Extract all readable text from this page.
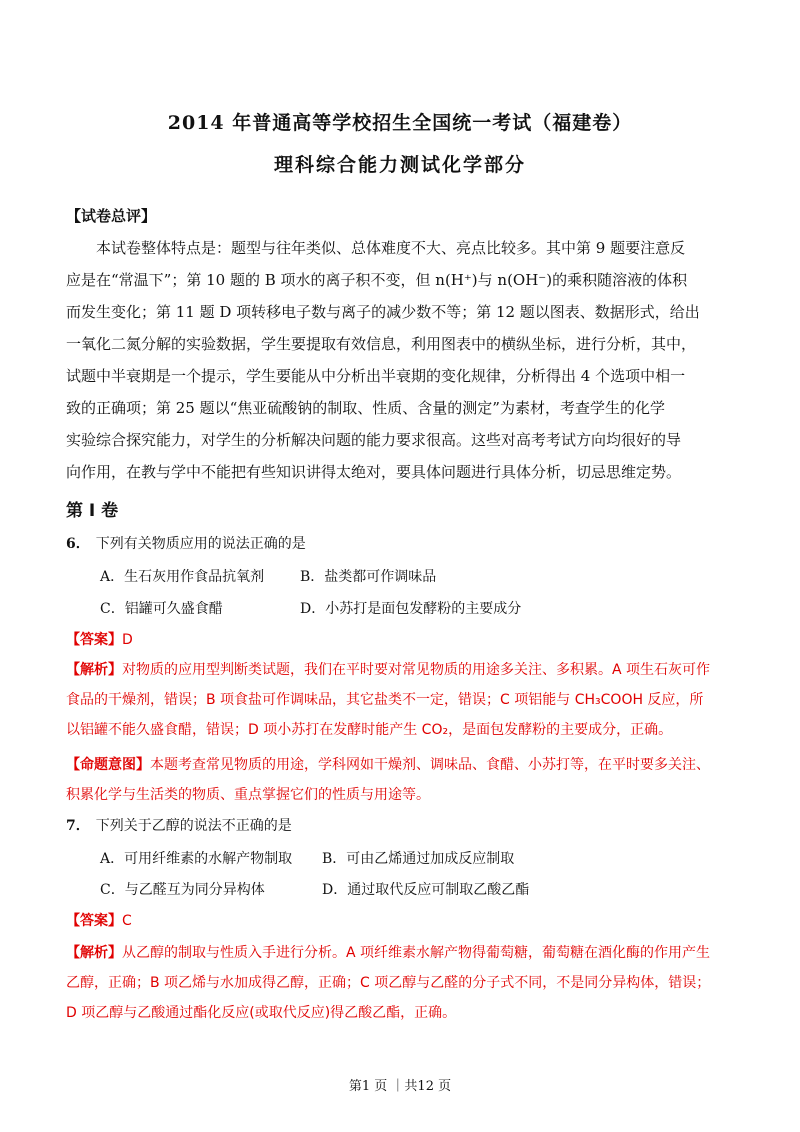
2014 年普通高等学校招生全国统一考试（福建卷）
理科综合能力测试化学部分
【试卷总评】

本试卷整体特点是：题型与往年类似、总体难度不大、亮点比较多。其中第 9 题要注意反

应是在“常温下”；第 10 题的 B 项水的离子积不变，但 n(H⁺)与 n(OH⁻)的乘积随溶液的体积

而发生变化；第 11 题 D 项转移电子数与离子的减少数不等；第 12 题以图表、数据形式，给出

一氧化二氮分解的实验数据，学生要提取有效信息，利用图表中的横纵坐标，进行分析，其中，

试题中半衰期是一个提示，学生要能从中分析出半衰期的变化规律，分析得出 4 个选项中相一

致的正确项；第 25 题以“焦亚硫酸钠的制取、性质、含量的测定”为素材，考查学生的化学

实验综合探究能力，对学生的分析解决问题的能力要求很高。这些对高考考试方向均很好的导

向作用，在教与学中不能把有些知识讲得太绝对，要具体问题进行具体分析，切忌思维定势。

第 I 卷
6． 下列有关物质应用的说法正确的是
A．生石灰用作食品抗氧剂	B．盐类都可作调味品
C．铝罐可久盛食醋	D．小苏打是面包发酵粉的主要成分
【答案】D
【解析】对物质的应用型判断类试题，我们在平时要对常见物质的用途多关注、多积累。A 项生石灰可作
食品的干燥剂，错误；B 项食盐可作调味品，其它盐类不一定，错误；C 项铝能与 CH₃COOH 反应，所
以铝罐不能久盛食醋，错误；D 项小苏打在发酵时能产生 CO₂，是面包发酵粉的主要成分，正确。
【命题意图】本题考查常见物质的用途，学科网如干燥剂、调味品、食醋、小苏打等，在平时要多关注、
积累化学与生活类的物质、重点掌握它们的性质与用途等。
7． 下列关于乙醇的说法不正确的是
A．可用纤维素的水解产物制取 B．可由乙烯通过加成反应制取
C．与乙醛互为同分异构体	D．通过取代反应可制取乙酸乙酯
【答案】C
【解析】从乙醇的制取与性质入手进行分析。A 项纤维素水解产物得葡萄糖，葡萄糖在酒化酶的作用产生
乙醇，正确；B 项乙烯与水加成得乙醇，正确；C 项乙醇与乙醛的分子式不同，不是同分异构体，错误；
D 项乙醇与乙酸通过酯化反应(或取代反应)得乙酸乙酯，正确。
第1 页 ｜共12 页
